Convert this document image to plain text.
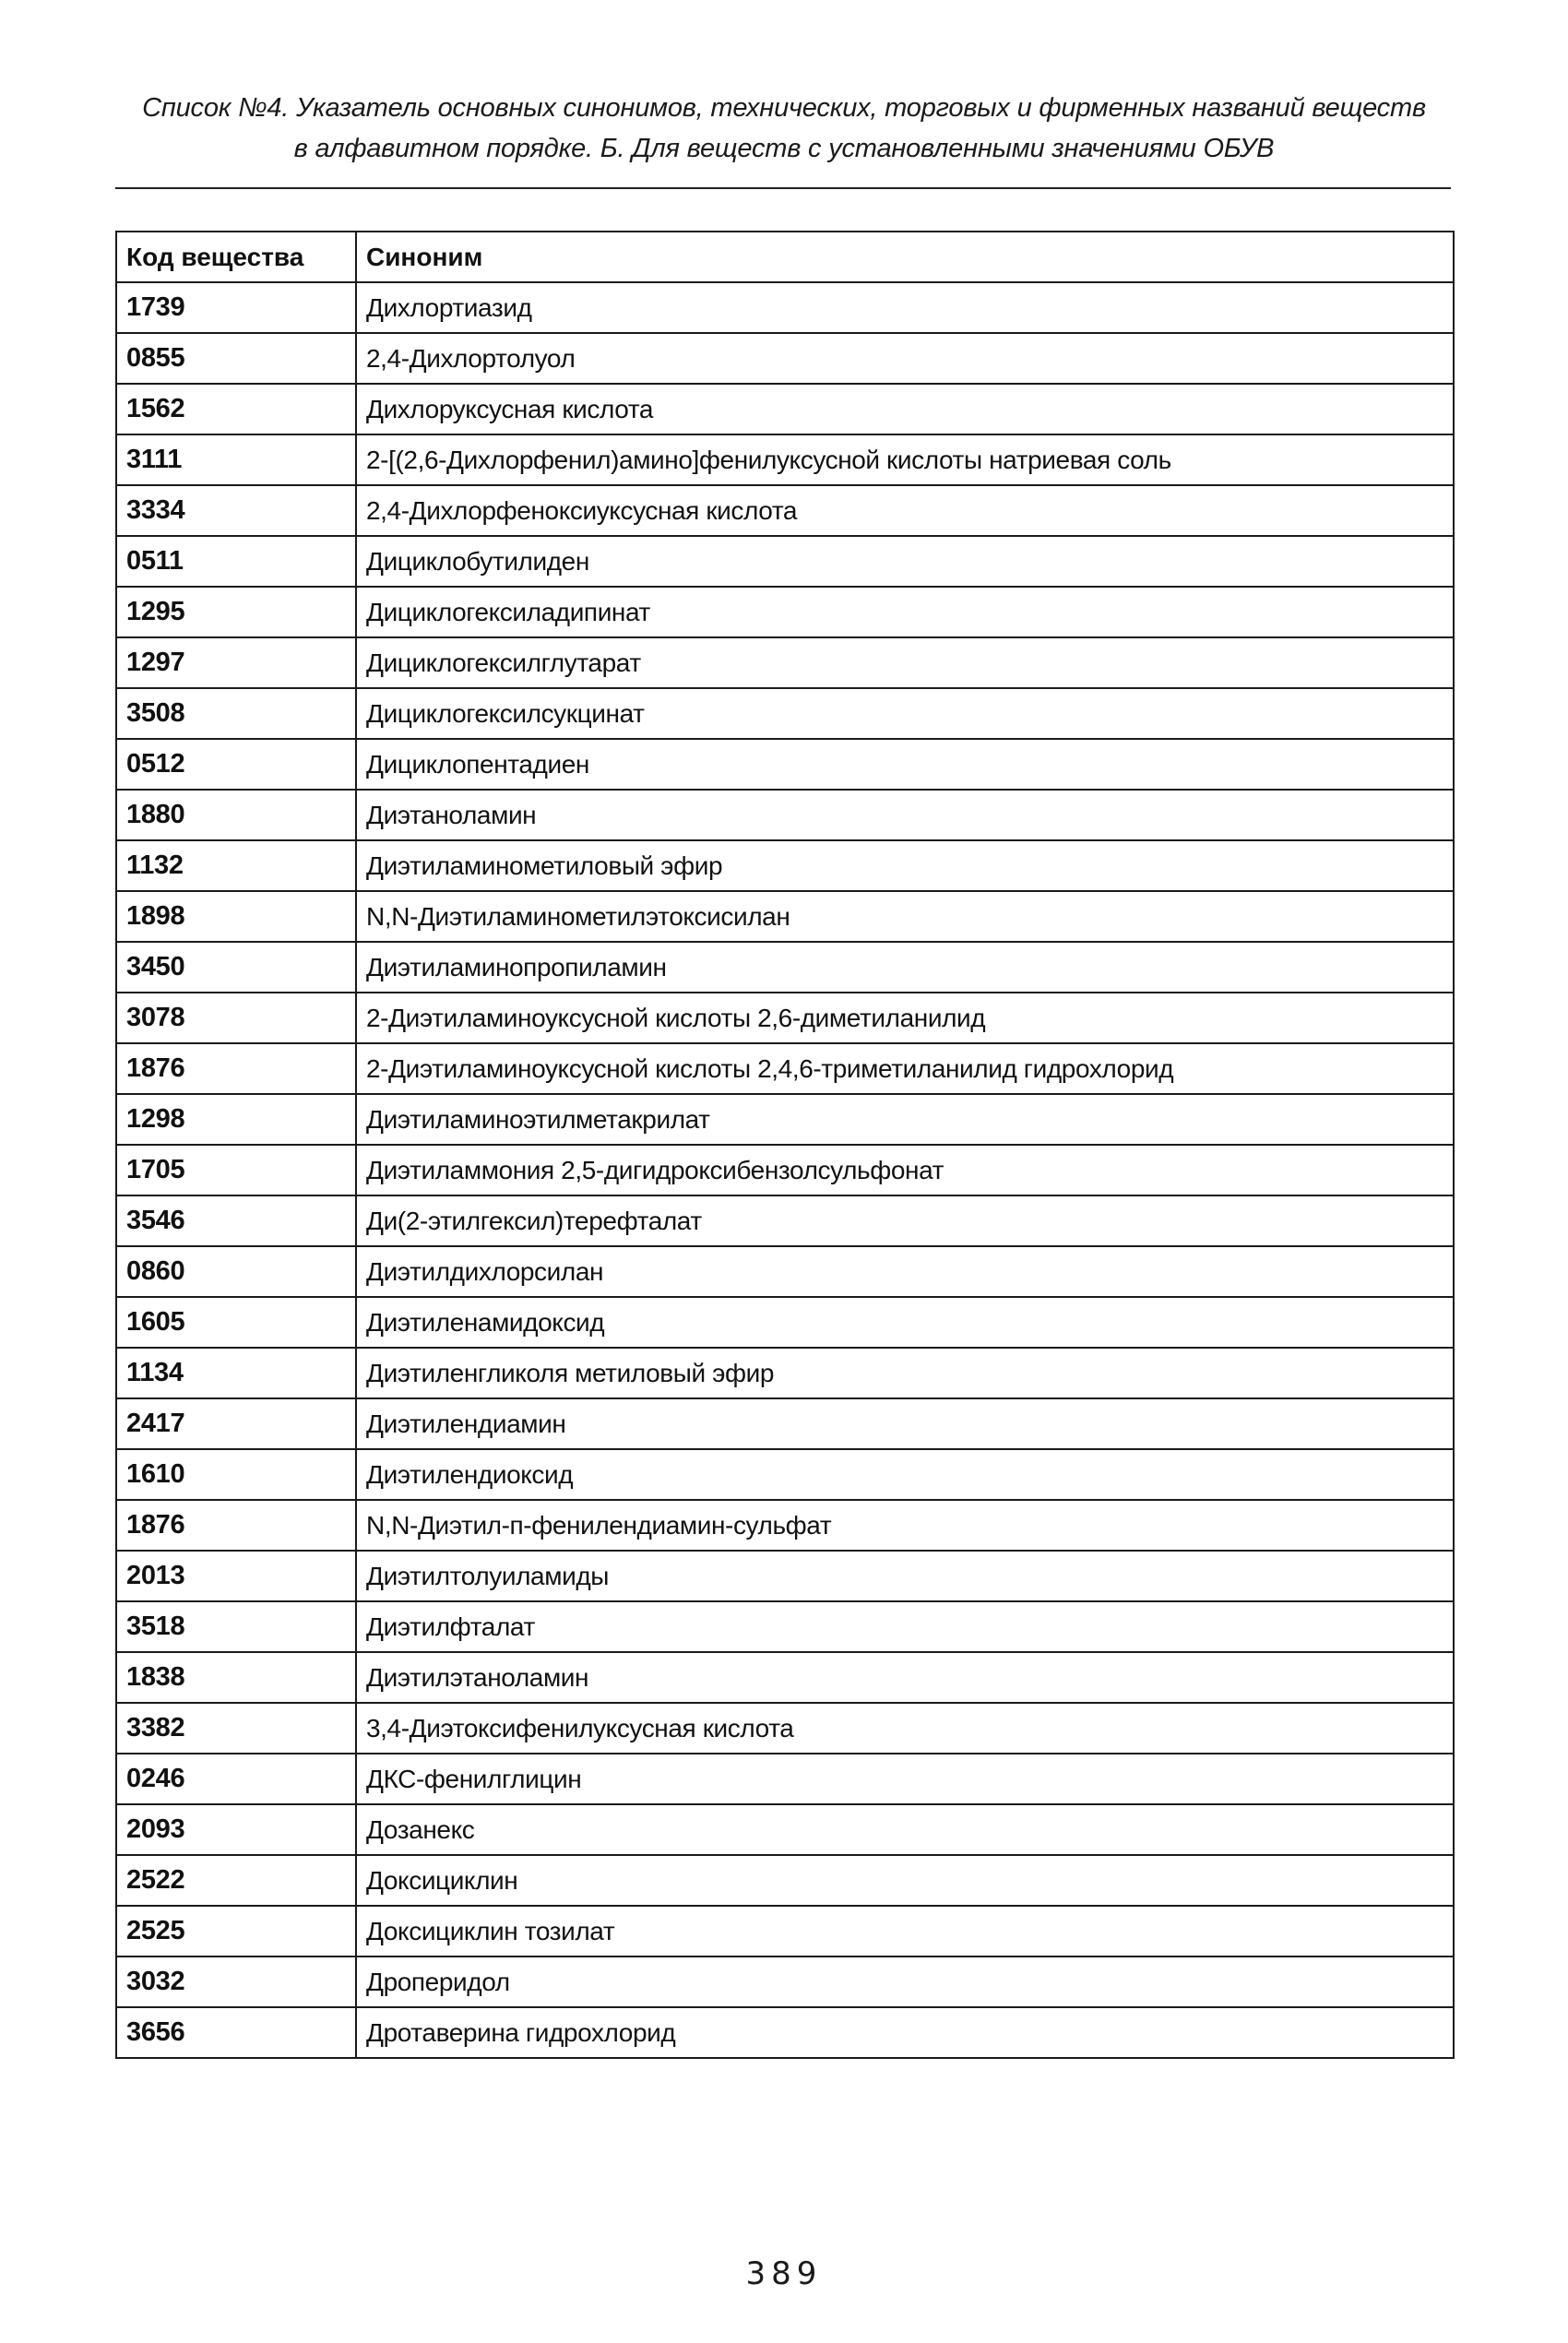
Список №4. Указатель основных синонимов, технических, торговых и фирменных названий веществ
в алфавитном порядке. Б. Для веществ с установленными значениями ОБУВ
Код вещества	Синоним
1739	Дихлортиазид
0855	2,4-Дихлортолуол
1562	Дихлоруксусная кислота
3111	2-[(2,6-Дихлорфенил)амино]фенилуксусной кислоты натриевая соль
3334	2,4-Дихлорфеноксиуксусная кислота
0511	Дициклобутилиден
1295	Дициклогексиладипинат
1297	Дициклогексилглутарат
3508	Дициклогексилсукцинат
0512	Дициклопентадиен
1880	Диэтаноламин
1132	Диэтиламинометиловый эфир
1898	N,N-Диэтиламинометилэтоксисилан
3450	Диэтиламинопропиламин
3078	2-Диэтиламиноуксусной кислоты 2,6-диметиланилид
1876	2-Диэтиламиноуксусной кислоты 2,4,6-триметиланилид гидрохлорид
1298	Диэтиламиноэтилметакрилат
1705	Диэтиламмония 2,5-дигидроксибензолсульфонат
3546	Ди(2-этилгексил)терефталат
0860	Диэтилдихлорсилан
1605	Диэтиленамидоксид
1134	Диэтиленгликоля метиловый эфир
2417	Диэтилендиамин
1610	Диэтилендиоксид
1876	N,N-Диэтил-п-фенилендиамин-сульфат
2013	Диэтилтолуиламиды
3518	Диэтилфталат
1838	Диэтилэтаноламин
3382	3,4-Диэтоксифенилуксусная кислота
0246	ДКС-фенилглицин
2093	Дозанекс
2522	Доксициклин
2525	Доксициклин тозилат
3032	Дроперидол
3656	Дротаверина гидрохлорид
389
